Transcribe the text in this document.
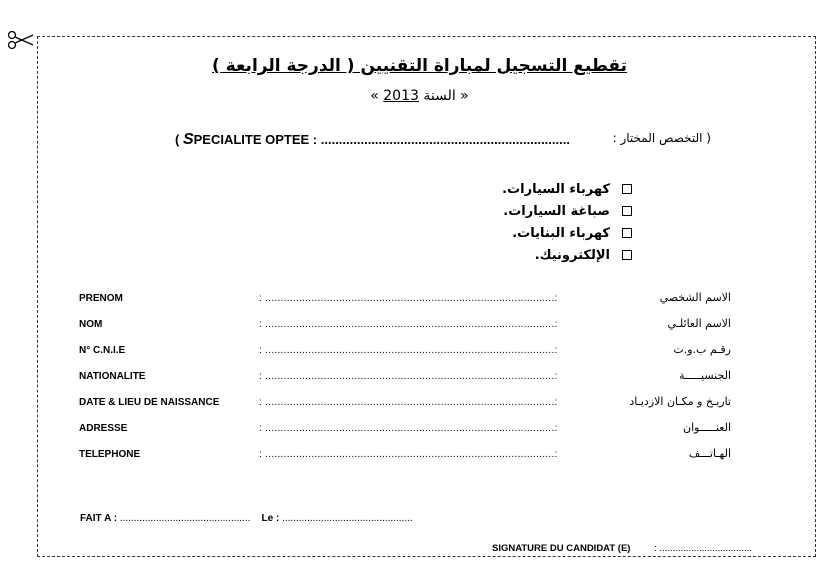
تقطيع التسجيل لمباراة التقنيين ( الدرجة الرابعة )
« السنة 2013 »
( SPECIALITE OPTEE : .....................................................................	( التخصص المختار :
كهرباء السيارات.
صباغة السيارات.
كهرباء البنايات.
الإلكترونيك.
PRENOM	: ..............................................................................................:	الاسم الشخصي
NOM	: ..............................................................................................:	الاسم العائلـي
N° C.N.I.E	: ..............................................................................................:	رقـم ب.و.ت
NATIONALITE	: ..............................................................................................:	الجنسيـــــة
DATE & LIEU DE NAISSANCE	: ..............................................................................................:	تاريـخ و مكـان الازديـاد
ADRESSE	: ..............................................................................................:	العنـــــوان
TELEPHONE	: ..............................................................................................:	الهـاتـــف
FAIT A : ............................................... Le : ...............................................
SIGNATURE DU CANDIDAT (E)	: ...................................
